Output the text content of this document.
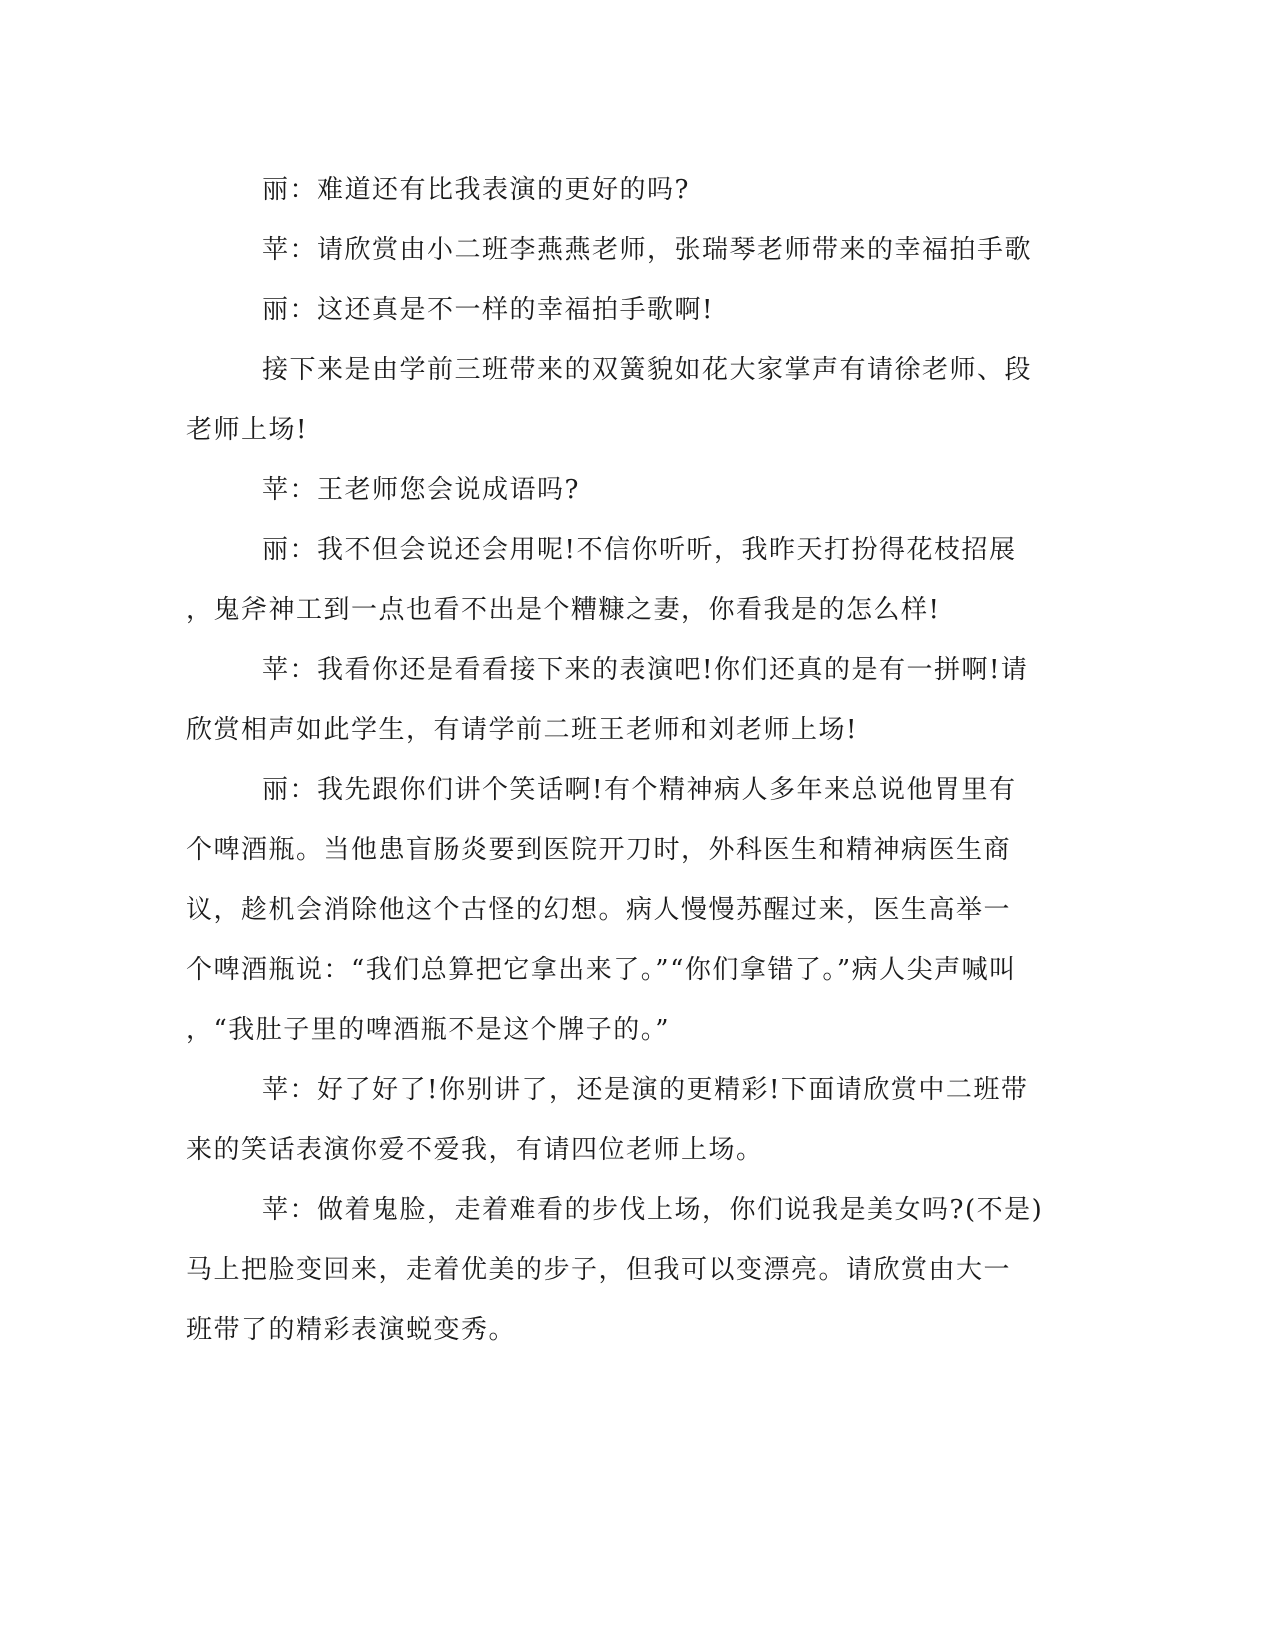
丽：难道还有比我表演的更好的吗?
苹：请欣赏由小二班李燕燕老师，张瑞琴老师带来的幸福拍手歌
丽：这还真是不一样的幸福拍手歌啊!
接下来是由学前三班带来的双簧貌如花大家掌声有请徐老师、段
老师上场!
苹：王老师您会说成语吗?
丽：我不但会说还会用呢!不信你听听，我昨天打扮得花枝招展
，鬼斧神工到一点也看不出是个糟糠之妻，你看我是的怎么样!
苹：我看你还是看看接下来的表演吧!你们还真的是有一拼啊!请
欣赏相声如此学生，有请学前二班王老师和刘老师上场!
丽：我先跟你们讲个笑话啊!有个精神病人多年来总说他胃里有
个啤酒瓶。当他患盲肠炎要到医院开刀时，外科医生和精神病医生商
议，趁机会消除他这个古怪的幻想。病人慢慢苏醒过来，医生高举一
个啤酒瓶说：“我们总算把它拿出来了。”“你们拿错了。”病人尖声喊叫
，“我肚子里的啤酒瓶不是这个牌子的。”
苹：好了好了!你别讲了，还是演的更精彩!下面请欣赏中二班带
来的笑话表演你爱不爱我，有请四位老师上场。
苹：做着鬼脸，走着难看的步伐上场，你们说我是美女吗?(不是)
马上把脸变回来，走着优美的步子，但我可以变漂亮。请欣赏由大一
班带了的精彩表演蜕变秀。
